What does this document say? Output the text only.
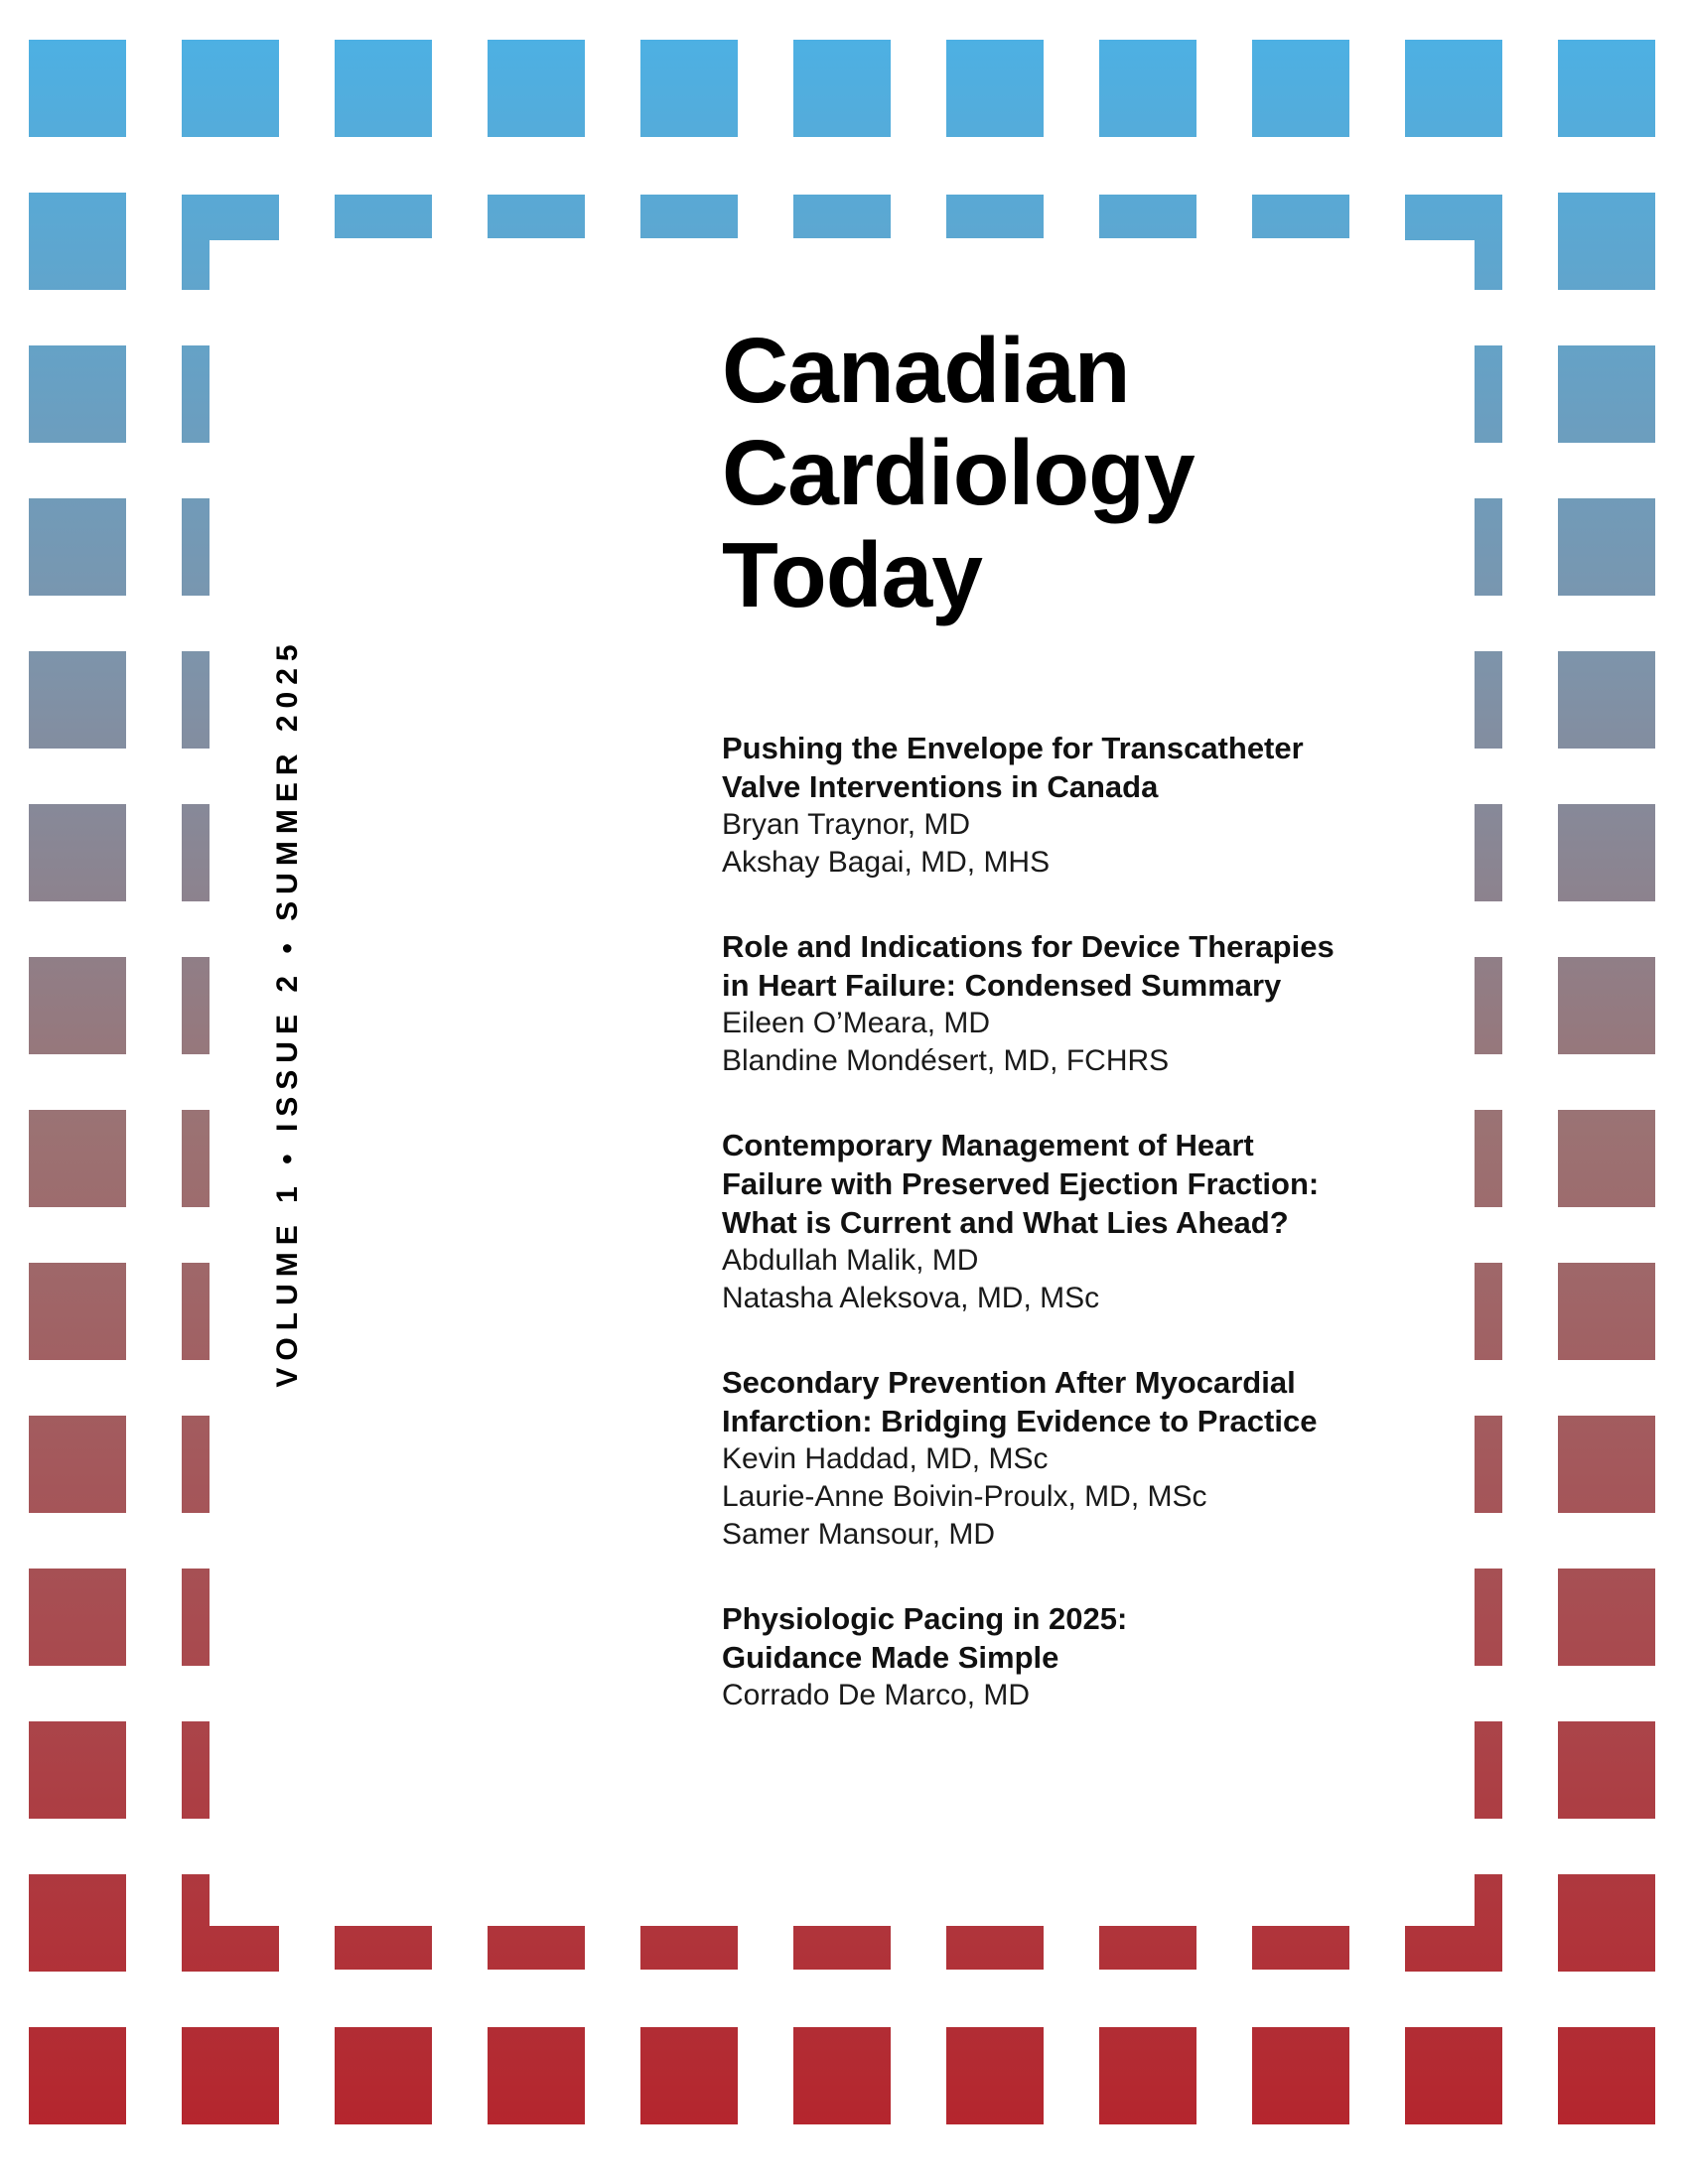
Canadian
Cardiology
Today
VOLUME 1 • ISSUE 2 • SUMMER 2025	Pushing the Envelope for Transcatheter
Valve Interventions in Canada
Bryan Traynor, MD
Akshay Bagai, MD, MHS
Role and Indications for Device Therapies
in Heart Failure: Condensed Summary
Eileen O’Meara, MD
Blandine Mondésert, MD, FCHRS
Contemporary Management of Heart
Failure with Preserved Ejection Fraction:
What is Current and What Lies Ahead?
Abdullah Malik, MD
Natasha Aleksova, MD, MSc
Secondary Prevention After Myocardial
Infarction: Bridging Evidence to Practice
Kevin Haddad, MD, MSc
Laurie-Anne Boivin-Proulx, MD, MSc
Samer Mansour, MD
Physiologic Pacing in 2025:
Guidance Made Simple
Corrado De Marco, MD
